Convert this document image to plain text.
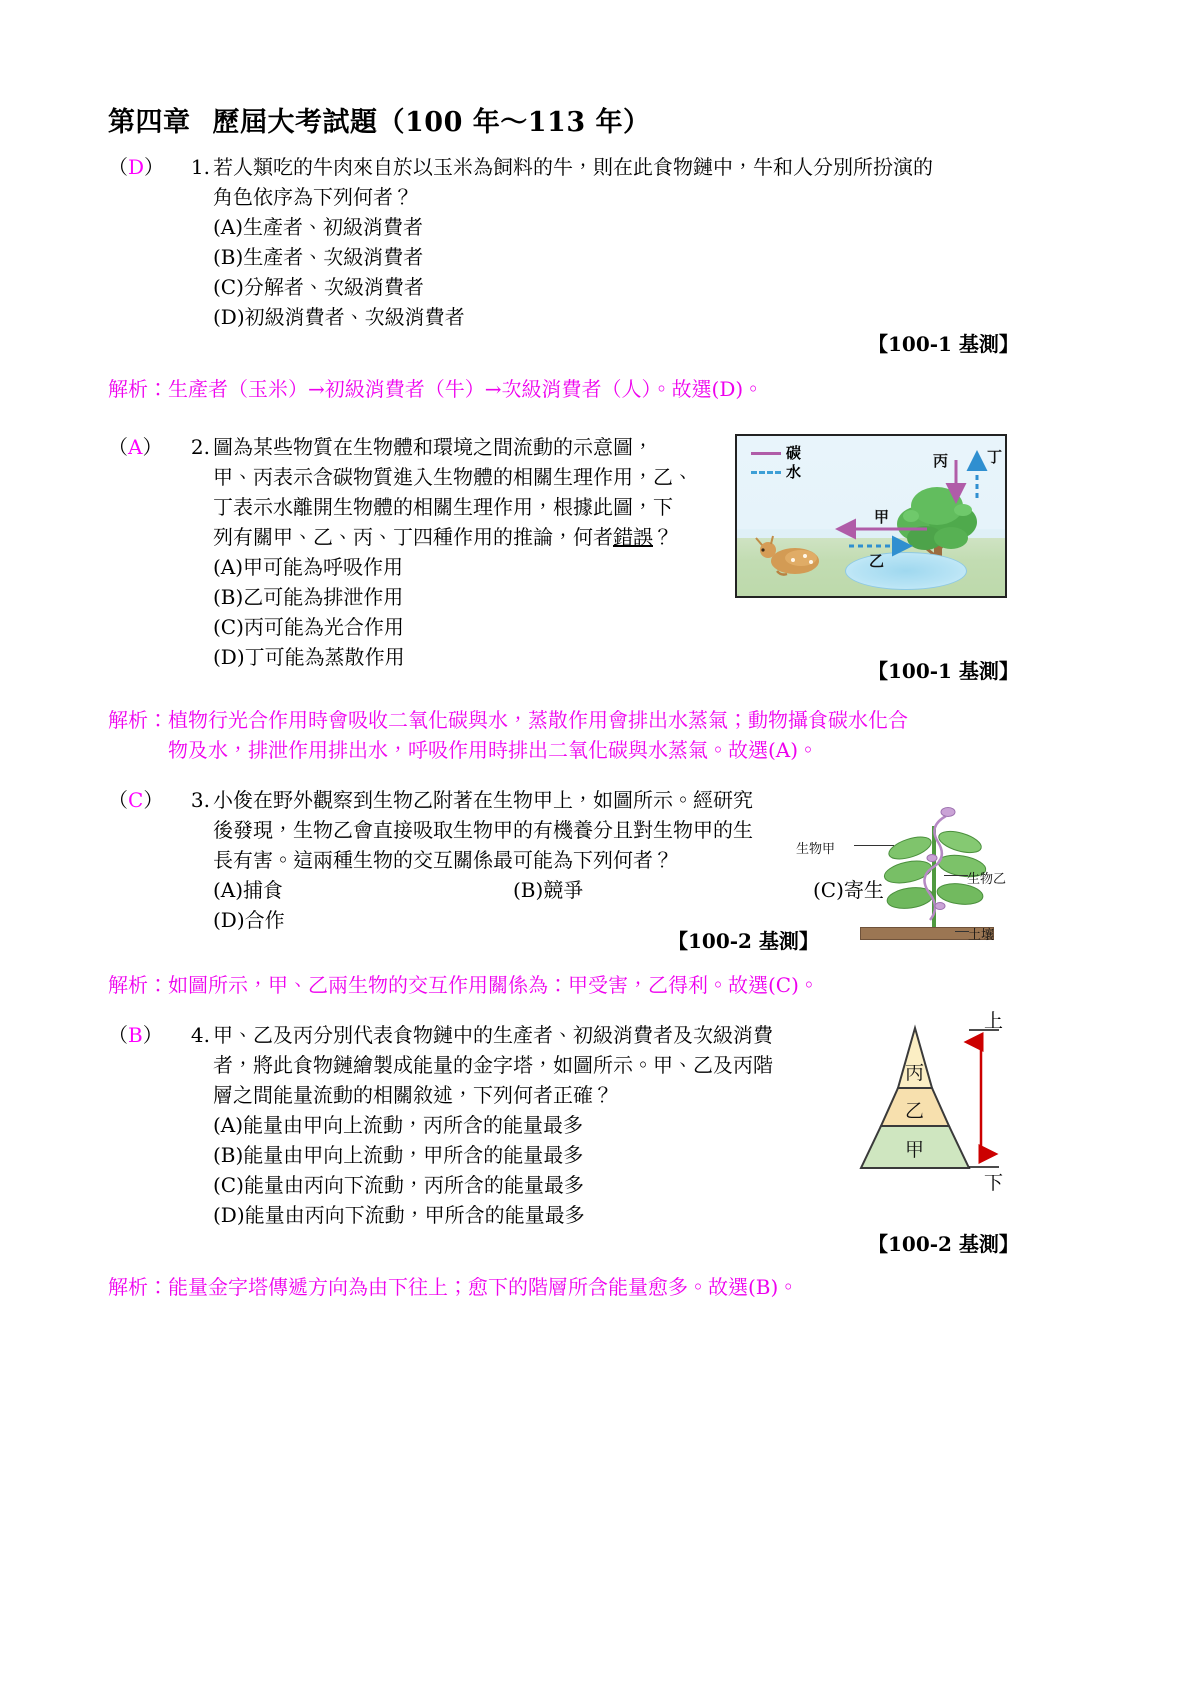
第四章 歷屆大考試題（100 年～113 年）
（D）	1. 若人類吃的牛肉來自於以玉米為飼料的牛，則在此食物鏈中，牛和人分別所扮演的
角色依序為下列何者？
(A)生產者、初級消費者
(B)生產者、次級消費者
(C)分解者、次級消費者
(D)初級消費者、次級消費者
【100-1 基測】
解析：生產者（玉米）→初級消費者（牛）→次級消費者（人）。故選(D)。
（A）	2. 圖為某些物質在生物體和環境之間流動的示意圖，
甲、丙表示含碳物質進入生物體的相關生理作用，乙、
丁表示水離開生物體的相關生理作用，根據此圖，下
列有關甲、乙、丙、丁四種作用的推論，何者錯誤？
(A)甲可能為呼吸作用
(B)乙可能為排泄作用
(C)丙可能為光合作用
(D)丁可能為蒸散作用
碳
水
甲
乙
丙	丁
【100-1 基測】
解析：植物行光合作用時會吸收二氧化碳與水，蒸散作用會排出水蒸氣；動物攝食碳水化合
物及水，排泄作用排出水，呼吸作用時排出二氧化碳與水蒸氣。故選(A)。
（C）	3. 小俊在野外觀察到生物乙附著在生物甲上，如圖所示。經研究
後發現，生物乙會直接吸取生物甲的有機養分且對生物甲的生
長有害。這兩種生物的交互關係最可能為下列何者？
(A)捕食	(B)競爭	(C)寄生
(D)合作
生物甲
生物乙
土壤
【100-2 基測】
解析：如圖所示，甲、乙兩生物的交互作用關係為：甲受害，乙得利。故選(C)。
（B）	4. 甲、乙及丙分別代表食物鏈中的生產者、初級消費者及次級消費
者，將此食物鏈繪製成能量的金字塔，如圖所示。甲、乙及丙階
層之間能量流動的相關敘述，下列何者正確？
(A)能量由甲向上流動，丙所含的能量最多
(B)能量由甲向上流動，甲所含的能量最多
(C)能量由丙向下流動，丙所含的能量最多
(D)能量由丙向下流動，甲所含的能量最多
丙
乙
甲
上
下
【100-2 基測】
解析：能量金字塔傳遞方向為由下往上；愈下的階層所含能量愈多。故選(B)。
